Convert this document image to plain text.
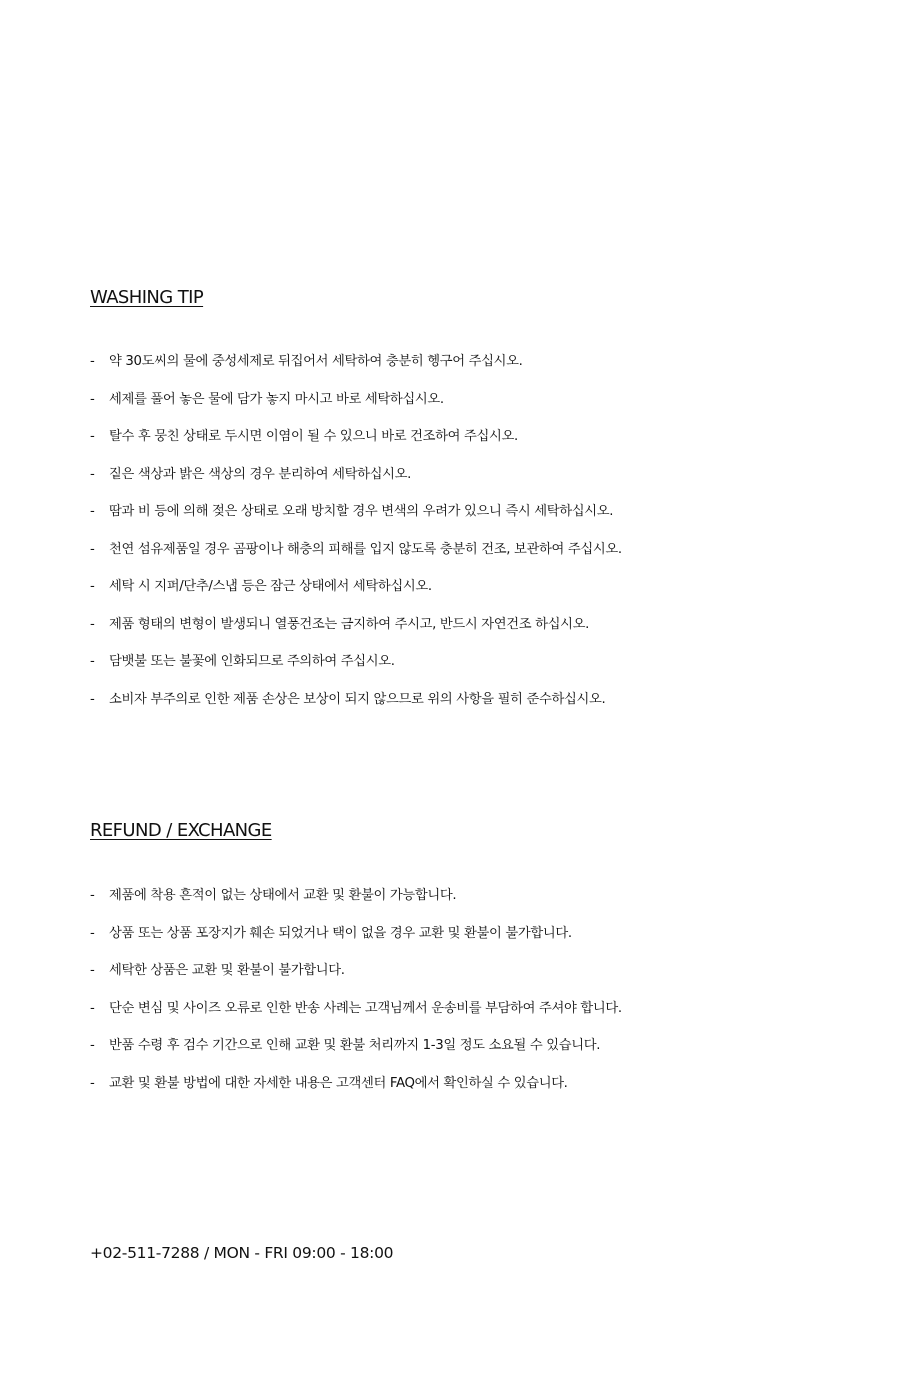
WASHING TIP
- 약 30도씨의 물에 중성세제로 뒤집어서 세탁하여 충분히 헹구어 주십시오.
- 세제를 풀어 놓은 물에 담가 놓지 마시고 바로 세탁하십시오.
- 탈수 후 뭉친 상태로 두시면 이염이 될 수 있으니 바로 건조하여 주십시오.
- 짙은 색상과 밝은 색상의 경우 분리하여 세탁하십시오.
- 땀과 비 등에 의해 젖은 상태로 오래 방치할 경우 변색의 우려가 있으니 즉시 세탁하십시오.
- 천연 섬유제품일 경우 곰팡이나 해충의 피해를 입지 않도록 충분히 건조, 보관하여 주십시오.
- 세탁 시 지퍼/단추/스냅 등은 잠근 상태에서 세탁하십시오.
- 제품 형태의 변형이 발생되니 열풍건조는 금지하여 주시고, 반드시 자연건조 하십시오.
- 담뱃불 또는 불꽃에 인화되므로 주의하여 주십시오.
- 소비자 부주의로 인한 제품 손상은 보상이 되지 않으므로 위의 사항을 필히 준수하십시오.
REFUND / EXCHANGE
- 제품에 착용 흔적이 없는 상태에서 교환 및 환불이 가능합니다.
- 상품 또는 상품 포장지가 훼손 되었거나 택이 없을 경우 교환 및 환불이 불가합니다.
- 세탁한 상품은 교환 및 환불이 불가합니다.
- 단순 변심 및 사이즈 오류로 인한 반송 사례는 고객님께서 운송비를 부담하여 주셔야 합니다.
- 반품 수령 후 검수 기간으로 인해 교환 및 환불 처리까지 1-3일 정도 소요될 수 있습니다.
- 교환 및 환불 방법에 대한 자세한 내용은 고객센터 FAQ에서 확인하실 수 있습니다.
+02-511-7288 / MON - FRI 09:00 - 18:00
